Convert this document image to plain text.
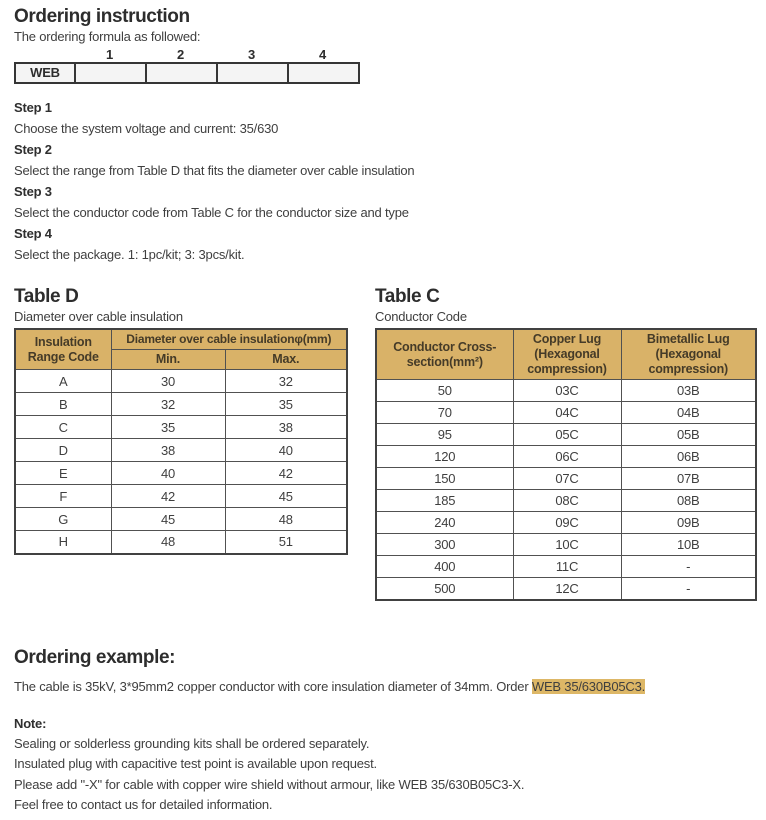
Ordering instruction
The ordering formula as followed:
1	2	3	4
WEB
Step 1
Choose the system voltage and current: 35/630
Step 2
Select the range from Table D that fits the diameter over cable insulation
Step 3
Select the conductor code from Table C for the conductor size and type
Step 4
Select the package. 1: 1pc/kit; 3: 3pcs/kit.
Table D
Diameter over cable insulation
Insulation Range Code	Diameter over cable insulationφ(mm)	
	Min.	Max.
A	30	32
B	32	35
C	35	38
D	38	40
E	40	42
F	42	45
G	45	48
H	48	51
Table C
Conductor Code
Conductor Cross-section(mm²)	Copper Lug (Hexagonal compression)	Bimetallic Lug (Hexagonal compression)
50	03C	03B
70	04C	04B
95	05C	05B
120	06C	06B
150	07C	07B
185	08C	08B
240	09C	09B
300	10C	10B
400	11C	-
500	12C	-
Ordering example:
The cable is 35kV, 3*95mm2 copper conductor with core insulation diameter of 34mm. Order WEB 35/630B05C3.
Note:
Sealing or solderless grounding kits shall be ordered separately.
Insulated plug with capacitive test point is available upon request.
Please add "-X" for cable with copper wire shield without armour, like WEB 35/630B05C3-X.
Feel free to contact us for detailed information.
